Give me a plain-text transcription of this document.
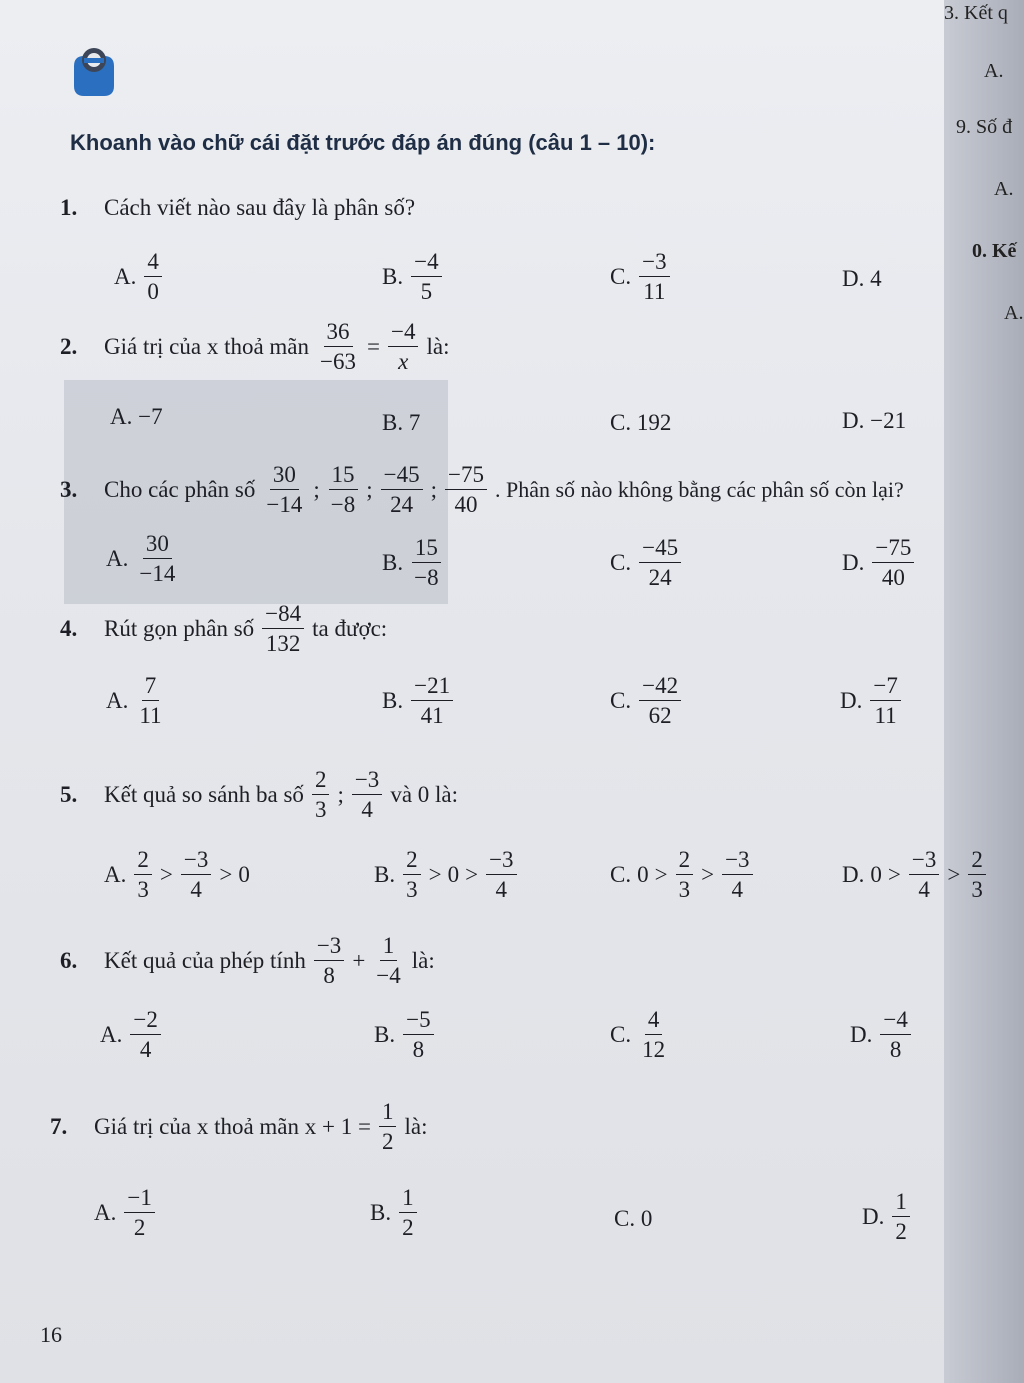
3. Kết q
A.
9. Số đ
A.
0. Kế
A.
Khoanh vào chữ cái đặt trước đáp án đúng (câu 1 – 10):
1.	Cách viết nào sau đây là phân số?
A. $\frac{4}{0}$	B. $\frac{-4}{5}$	C. $\frac{-3}{11}$	D. 4
2.	Giá trị của x thoả mãn $\frac{36}{-63} = \frac{-4}{x}$ là:
A. −7	B. 7	C. 192	D. −21
3.	Cho các phân số $\frac{30}{-14}$ ; $\frac{15}{-8}$ ; $\frac{-45}{24}$ ; $\frac{-75}{40}$ . Phân số nào không bằng các phân số còn lại?
A. $\frac{30}{-14}$	B. $\frac{15}{-8}$	C. $\frac{-45}{24}$	D. $\frac{-75}{40}$
4.	Rút gọn phân số $\frac{-84}{132}$ ta được:
A. $\frac{7}{11}$	B. $\frac{-21}{41}$	C. $\frac{-42}{62}$	D. $\frac{-7}{11}$
5.	Kết quả so sánh ba số $\frac{2}{3}$ ; $\frac{-3}{4}$ và 0 là:
A. $\frac{2}{3} > \frac{-3}{4} > 0$	B. $\frac{2}{3} > 0 > \frac{-3}{4}$	C. $0 > \frac{2}{3} > \frac{-3}{4}$	D. $0 > \frac{-3}{4} > \frac{2}{3}$
6.	Kết quả của phép tính $\frac{-3}{8} + \frac{1}{-4}$ là:
A. $\frac{-2}{4}$	B. $\frac{-5}{8}$	C. $\frac{4}{12}$	D. $\frac{-4}{8}$
7.	Giá trị của x thoả mãn $x + 1 = \frac{1}{2}$ là:
A. $\frac{-1}{2}$	B. $\frac{1}{2}$	C. 0	D. $\frac{1}{2}$
16
